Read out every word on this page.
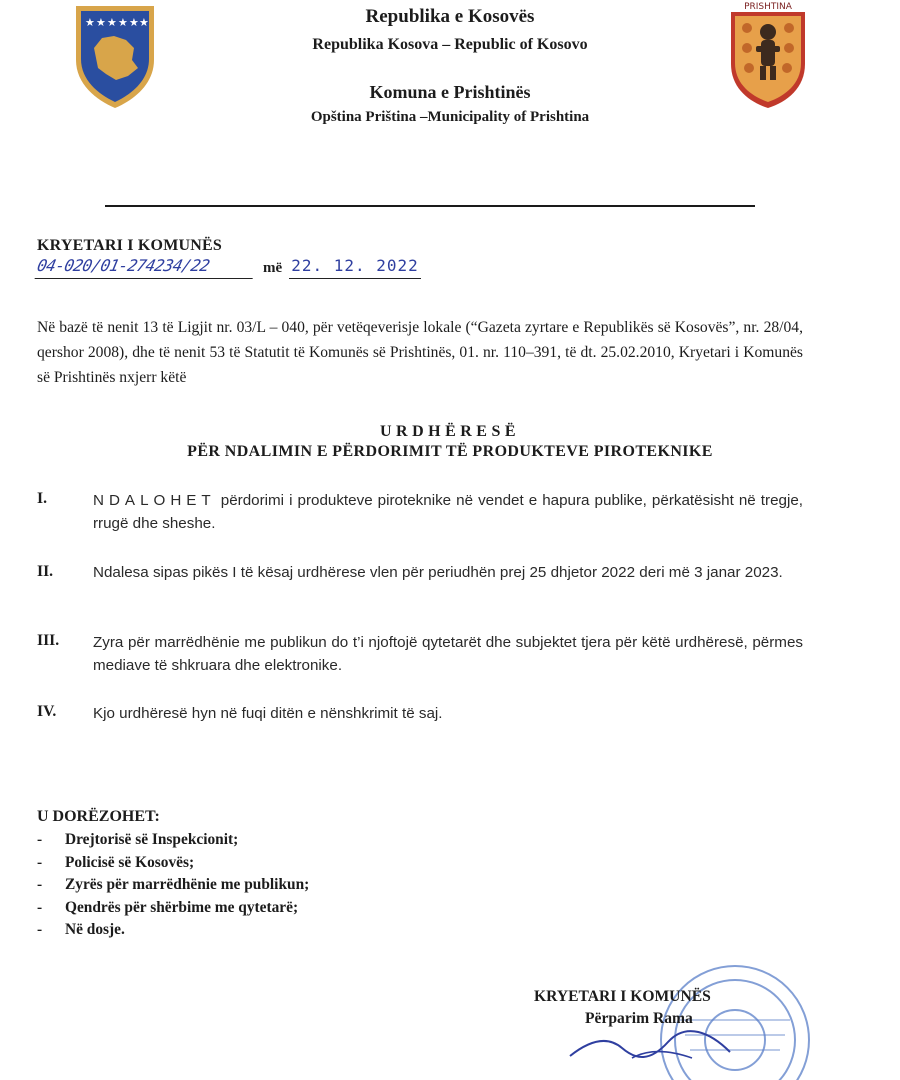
★ ★ ★ ★ ★ ★
PRISHTINA
Republika e Kosovës
Republika Kosova – Republic of Kosovo
Komuna e Prishtinës
Opština Priština –Municipality of Prishtina
KRYETARI I KOMUNËS
04-020/01-274234/22	më 22. 12. 2022
Në bazë të nenit 13 të Ligjit nr. 03/L – 040, për vetëqeverisje lokale (“Gazeta zyrtare e Republikës së Kosovës”, nr. 28/04, qershor 2008), dhe të nenit 53 të Statutit të Komunës së Prishtinës, 01. nr. 110–391, të dt. 25.02.2010, Kryetari i Komunës së Prishtinës nxjerr këtë
URDHËRESË
PËR NDALIMIN E PËRDORIMIT TË PRODUKTEVE PIROTEKNIKE
I.	NDALOHET përdorimi i produkteve piroteknike në vendet e hapura publike, përkatësisht në tregje, rrugë dhe sheshe.
II.	Ndalesa sipas pikës I të kësaj urdhërese vlen për periudhën prej 25 dhjetor 2022 deri më 3 janar 2023.
III. Zyra për marrëdhënie me publikun do t’i njoftojë qytetarët dhe subjektet tjera për këtë urdhëresë, përmes mediave të shkruara dhe elektronike.
IV. Kjo urdhëresë hyn në fuqi ditën e nënshkrimit të saj.
U DORËZOHET:
-	Drejtorisë së Inspekcionit;
-	Policisë së Kosovës;
-	Zyrës për marrëdhënie me publikun;
-	Qendrës për shërbime me qytetarë;
-	Në dosje.
KRYETARI I KOMUNËS
Përparim Rama
